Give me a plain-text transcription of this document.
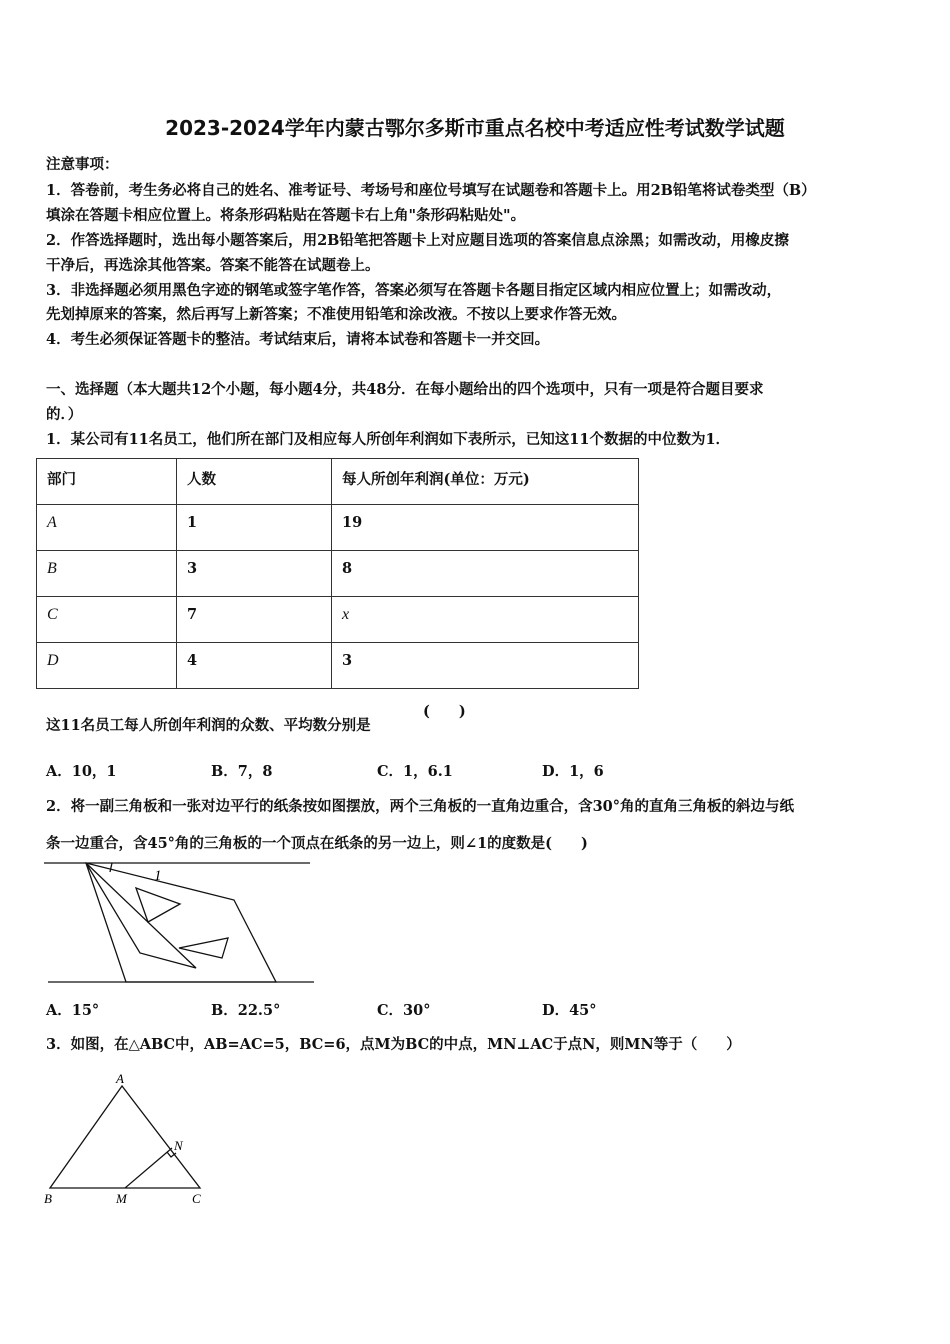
2023-2024学年内蒙古鄂尔多斯市重点名校中考适应性考试数学试题
注意事项：
1．答卷前，考生务必将自己的姓名、准考证号、考场号和座位号填写在试题卷和答题卡上。用2B铅笔将试卷类型（B）
填涂在答题卡相应位置上。将条形码粘贴在答题卡右上角"条形码粘贴处"。
2．作答选择题时，选出每小题答案后，用2B铅笔把答题卡上对应题目选项的答案信息点涂黑；如需改动，用橡皮擦
干净后，再选涂其他答案。答案不能答在试题卷上。
3．非选择题必须用黑色字迹的钢笔或签字笔作答，答案必须写在答题卡各题目指定区域内相应位置上；如需改动，
先划掉原来的答案，然后再写上新答案；不准使用铅笔和涂改液。不按以上要求作答无效。
4．考生必须保证答题卡的整洁。考试结束后，请将本试卷和答题卡一并交回。
一、选择题（本大题共12个小题，每小题4分，共48分．在每小题给出的四个选项中，只有一项是符合题目要求
的．）
1．某公司有11名员工，他们所在部门及相应每人所创年利润如下表所示，已知这11个数据的中位数为1．
部门	人数	每人所创年利润(单位：万元)
A	1	19
B	3	8
C	7	x
D	4	3
这11名员工每人所创年利润的众数、平均数分别是
(　　)
A．10，1	B．7，8	C．1，6.1	D．1，6
2．将一副三角板和一张对边平行的纸条按如图摆放，两个三角板的一直角边重合，含30°角的直角三角板的斜边与纸
条一边重合，含45°角的三角板的一个顶点在纸条的另一边上，则∠1的度数是(　　)
1
A．15°	B．22.5°	C．30°	D．45°
3．如图，在△ABC中，AB=AC=5，BC=6，点M为BC的中点，MN⊥AC于点N，则MN等于（　　）
A
B	M	C
N
